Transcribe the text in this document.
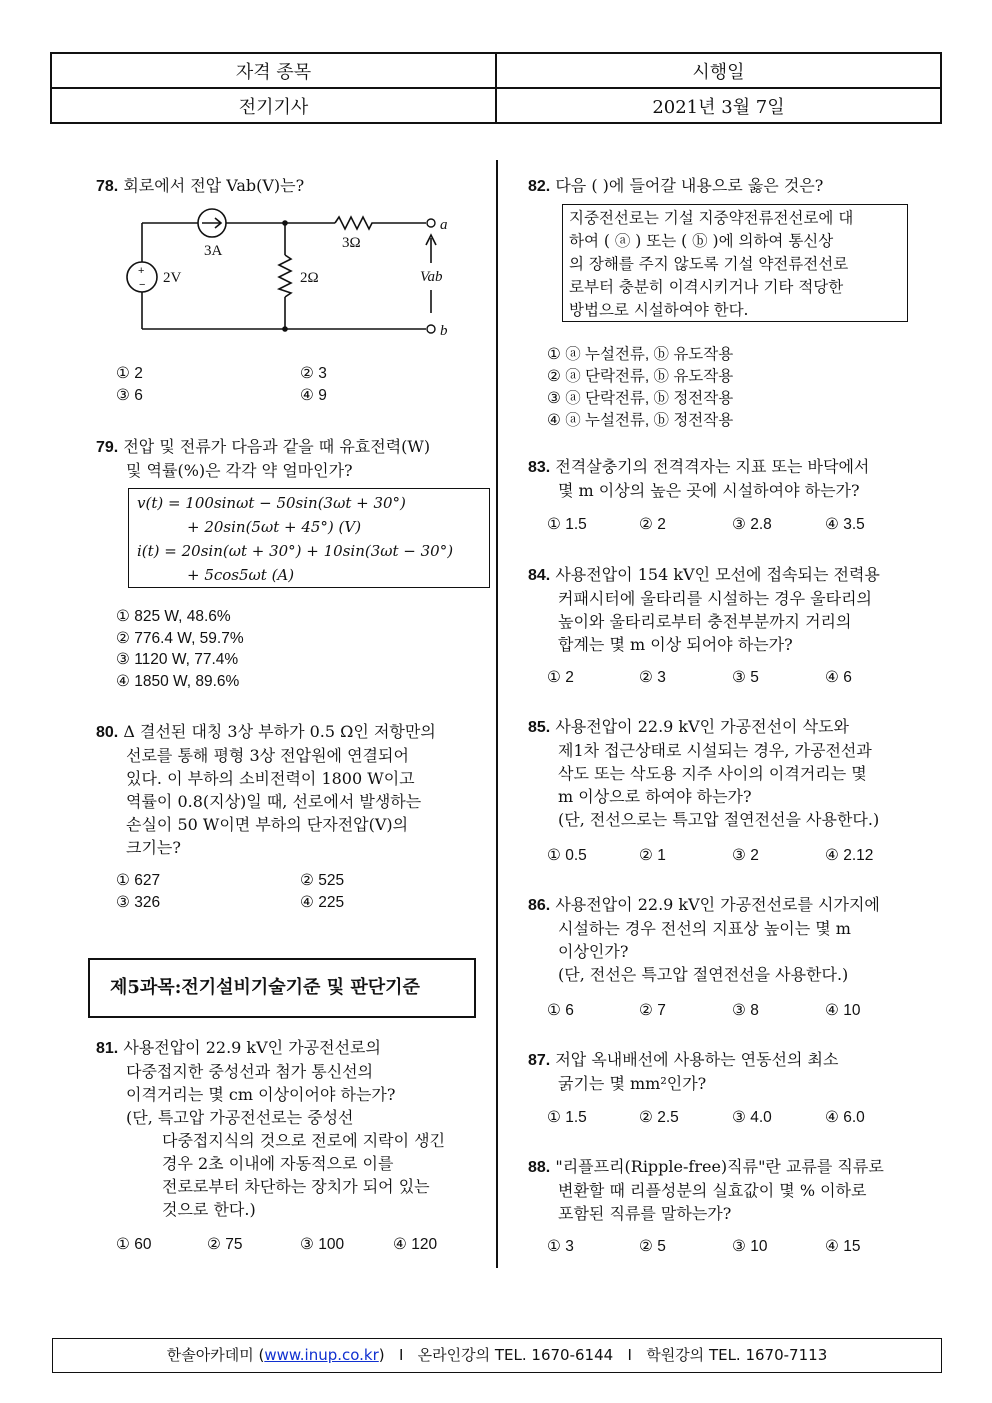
자격 종목	시행일
전기기사	2021년 3월 7일
78. 회로에서 전압 Vab(V)는?
+
−
3A
2V
3Ω
2Ω
a
b
Vab
① 2	② 3
③ 6	④ 9
79. 전압 및 전류가 다음과 같을 때 유효전력(W)
및 역률(%)은 각각 약 얼마인가?
v(t) = 100sinωt − 50sin(3ωt + 30°)
+ 20sin(5ωt + 45°) (V)
i(t) = 20sin(ωt + 30°) + 10sin(3ωt − 30°)
+ 5cos5ωt (A)
① 825 W, 48.6%
② 776.4 W, 59.7%
③ 1120 W, 77.4%
④ 1850 W, 89.6%
80. Δ 결선된 대칭 3상 부하가 0.5 Ω인 저항만의
선로를 통해 평형 3상 전압원에 연결되어
있다. 이 부하의 소비전력이 1800 W이고
역률이 0.8(지상)일 때, 선로에서 발생하는
손실이 50 W이면 부하의 단자전압(V)의
크기는?
① 627	② 525
③ 326	④ 225
제5과목:전기설비기술기준 및 판단기준
81. 사용전압이 22.9 kV인 가공전선로의
다중접지한 중성선과 첨가 통신선의
이격거리는 몇 cm 이상이어야 하는가?
(단, 특고압 가공전선로는 중성선
다중접지식의 것으로 전로에 지락이 생긴
경우 2초 이내에 자동적으로 이를
전로로부터 차단하는 장치가 되어 있는
것으로 한다.)
① 60	② 75	③ 100	④ 120
82. 다음 ( )에 들어갈 내용으로 옳은 것은?
지중전선로는 기설 지중약전류전선로에 대
하여 ( ⓐ ) 또는 ( ⓑ )에 의하여 통신상
의 장해를 주지 않도록 기설 약전류전선로
로부터 충분히 이격시키거나 기타 적당한
방법으로 시설하여야 한다.
① ⓐ 누설전류, ⓑ 유도작용
② ⓐ 단락전류, ⓑ 유도작용
③ ⓐ 단락전류, ⓑ 정전작용
④ ⓐ 누설전류, ⓑ 정전작용
83. 전격살충기의 전격격자는 지표 또는 바닥에서
몇 m 이상의 높은 곳에 시설하여야 하는가?
① 1.5	② 2	③ 2.8	④ 3.5
84. 사용전압이 154 kV인 모선에 접속되는 전력용
커패시터에 울타리를 시설하는 경우 울타리의
높이와 울타리로부터 충전부분까지 거리의
합계는 몇 m 이상 되어야 하는가?
① 2	② 3	③ 5	④ 6
85. 사용전압이 22.9 kV인 가공전선이 삭도와
제1차 접근상태로 시설되는 경우, 가공전선과
삭도 또는 삭도용 지주 사이의 이격거리는 몇
m 이상으로 하여야 하는가?
(단, 전선으로는 특고압 절연전선을 사용한다.)
① 0.5	② 1	③ 2	④ 2.12
86. 사용전압이 22.9 kV인 가공전선로를 시가지에
시설하는 경우 전선의 지표상 높이는 몇 m
이상인가?
(단, 전선은 특고압 절연전선을 사용한다.)
① 6	② 7	③ 8	④ 10
87. 저압 옥내배선에 사용하는 연동선의 최소
굵기는 몇 mm²인가?
① 1.5	② 2.5	③ 4.0	④ 6.0
88. "리플프리(Ripple-free)직류"란 교류를 직류로
변환할 때 리플성분의 실효값이 몇 % 이하로
포함된 직류를 말하는가?
① 3	② 5	③ 10	④ 15
한솔아카데미 (www.inup.co.kr)   I   온라인강의 TEL. 1670-6144   I   학원강의 TEL. 1670-7113
